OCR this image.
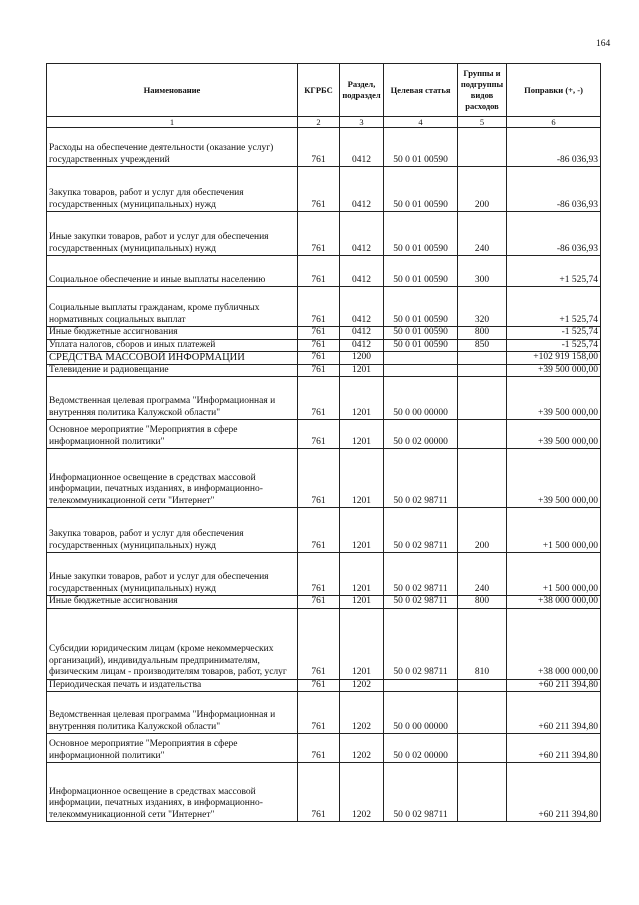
164
Наименование	КГРБС	Раздел, подраздел	Целевая статья	Группы и подгруппы видов расходов	Поправки (+, -)
1	2	3	4	5	6
Расходы на обеспечение деятельности (оказание услуг) государственных учреждений	761	0412	50 0 01 00590		-86 036,93
Закупка товаров, работ и услуг для обеспечения государственных (муниципальных) нужд	761	0412	50 0 01 00590	200	-86 036,93
Иные закупки товаров, работ и услуг для обеспечения государственных (муниципальных) нужд	761	0412	50 0 01 00590	240	-86 036,93
Социальное обеспечение и иные выплаты населению	761	0412	50 0 01 00590	300	+1 525,74
Социальные выплаты гражданам, кроме публичных нормативных социальных выплат	761	0412	50 0 01 00590	320	+1 525,74
Иные бюджетные ассигнования	761	0412	50 0 01 00590	800	-1 525,74
Уплата налогов, сборов и иных платежей	761	0412	50 0 01 00590	850	-1 525,74
СРЕДСТВА МАССОВОЙ ИНФОРМАЦИИ	761	1200			+102 919 158,00
Телевидение и радиовещание	761	1201			+39 500 000,00
Ведомственная целевая программа "Информационная и внутренняя политика Калужской области"	761	1201	50 0 00 00000		+39 500 000,00
Основное мероприятие "Мероприятия в сфере информационной политики"	761	1201	50 0 02 00000		+39 500 000,00
Информационное освещение в средствах массовой информации, печатных изданиях, в информационно-телекоммуникационной сети "Интернет"	761	1201	50 0 02 98711		+39 500 000,00
Закупка товаров, работ и услуг для обеспечения государственных (муниципальных) нужд	761	1201	50 0 02 98711	200	+1 500 000,00
Иные закупки товаров, работ и услуг для обеспечения государственных (муниципальных) нужд	761	1201	50 0 02 98711	240	+1 500 000,00
Иные бюджетные ассигнования	761	1201	50 0 02 98711	800	+38 000 000,00
Субсидии юридическим лицам (кроме некоммерческих организаций), индивидуальным предпринимателям, физическим лицам - производителям товаров, работ, услуг	761	1201	50 0 02 98711	810	+38 000 000,00
Периодическая печать и издательства	761	1202			+60 211 394,80
Ведомственная целевая программа "Информационная и внутренняя политика Калужской области"	761	1202	50 0 00 00000		+60 211 394,80
Основное мероприятие "Мероприятия в сфере информационной политики"	761	1202	50 0 02 00000		+60 211 394,80
Информационное освещение в средствах массовой информации, печатных изданиях, в информационно-телекоммуникационной сети "Интернет"	761	1202	50 0 02 98711		+60 211 394,80
